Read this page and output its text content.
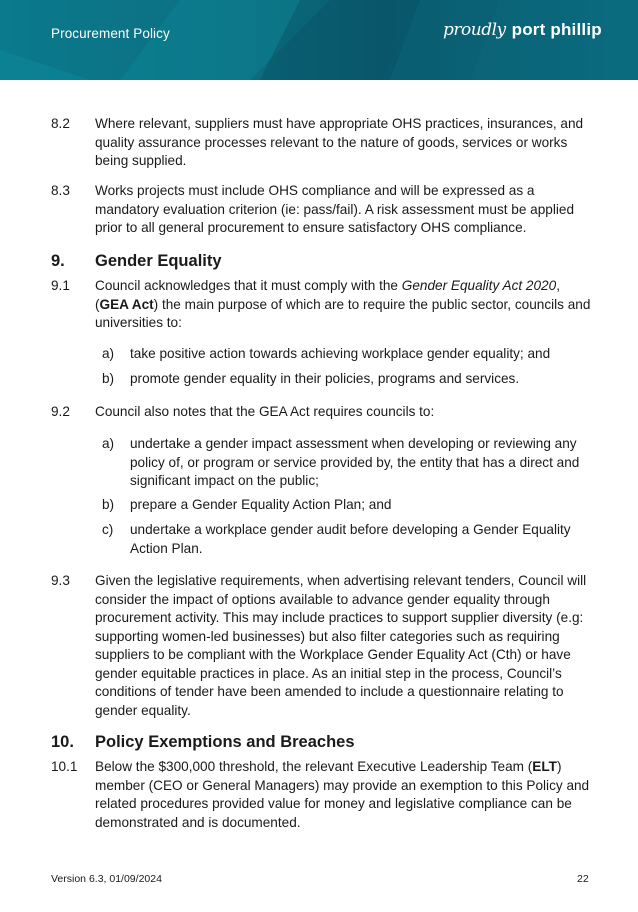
Procurement Policy	proudly port phillip
8.2 Where relevant, suppliers must have appropriate OHS practices, insurances, and quality assurance processes relevant to the nature of goods, services or works being supplied.
8.3 Works projects must include OHS compliance and will be expressed as a mandatory evaluation criterion (ie: pass/fail). A risk assessment must be applied prior to all general procurement to ensure satisfactory OHS compliance.
9. Gender Equality
9.1 Council acknowledges that it must comply with the Gender Equality Act 2020, (GEA Act) the main purpose of which are to require the public sector, councils and universities to:
a) take positive action towards achieving workplace gender equality; and
b) promote gender equality in their policies, programs and services.
9.2 Council also notes that the GEA Act requires councils to:
a) undertake a gender impact assessment when developing or reviewing any policy of, or program or service provided by, the entity that has a direct and significant impact on the public;
b) prepare a Gender Equality Action Plan; and
c) undertake a workplace gender audit before developing a Gender Equality Action Plan.
9.3 Given the legislative requirements, when advertising relevant tenders, Council will consider the impact of options available to advance gender equality through procurement activity. This may include practices to support supplier diversity (e.g: supporting women-led businesses) but also filter categories such as requiring suppliers to be compliant with the Workplace Gender Equality Act (Cth) or have gender equitable practices in place. As an initial step in the process, Council’s conditions of tender have been amended to include a questionnaire relating to gender equality.
10. Policy Exemptions and Breaches
10.1 Below the $300,000 threshold, the relevant Executive Leadership Team (ELT) member (CEO or General Managers) may provide an exemption to this Policy and related procedures provided value for money and legislative compliance can be demonstrated and is documented.
Version 6.3, 01/09/2024	22
